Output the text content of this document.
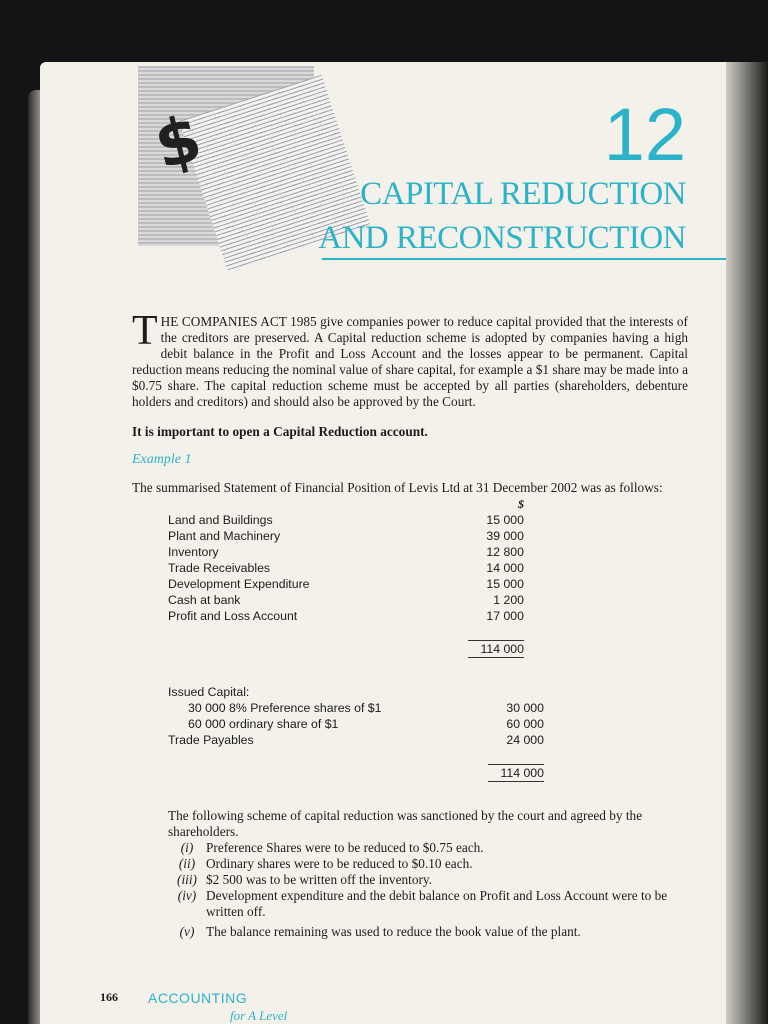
$	12
CAPITAL REDUCTION
AND RECONSTRUCTION

THE COMPANIES ACT 1985 give companies power to reduce capital provided that the interests of the creditors are preserved. A Capital reduction scheme is adopted by companies having a high debit balance in the Profit and Loss Account and the losses appear to be permanent. Capital reduction means reducing the nominal value of share capital, for example a $1 share may be made into a $0.75 share. The capital reduction scheme must be accepted by all parties (shareholders, debenture holders and creditors) and should also be approved by the Court.

It is important to open a Capital Reduction account.

Example 1

The summarised Statement of Financial Position of Levis Ltd at 31 December 2002 was as follows:

	$
Land and Buildings	15 000
Plant and Machinery	39 000
Inventory	12 800
Trade Receivables	14 000
Development Expenditure	15 000
Cash at bank	1 200
Profit and Loss Account	17 000

	114 000
Issued Capital:	
30 000 8% Preference shares of $1	30 000
60 000 ordinary share of $1	60 000
Trade Payables	24 000

	114 000

The following scheme of capital reduction was sanctioned by the court and agreed by the shareholders.

(i) Preference Shares were to be reduced to $0.75 each.
(ii) Ordinary shares were to be reduced to $0.10 each.
(iii) $2 500 was to be written off the inventory.
(iv) Development expenditure and the debit balance on Profit and Loss Account were to be written off.
(v) The balance remaining was used to reduce the book value of the plant.
166 ACCOUNTING
for A Level
